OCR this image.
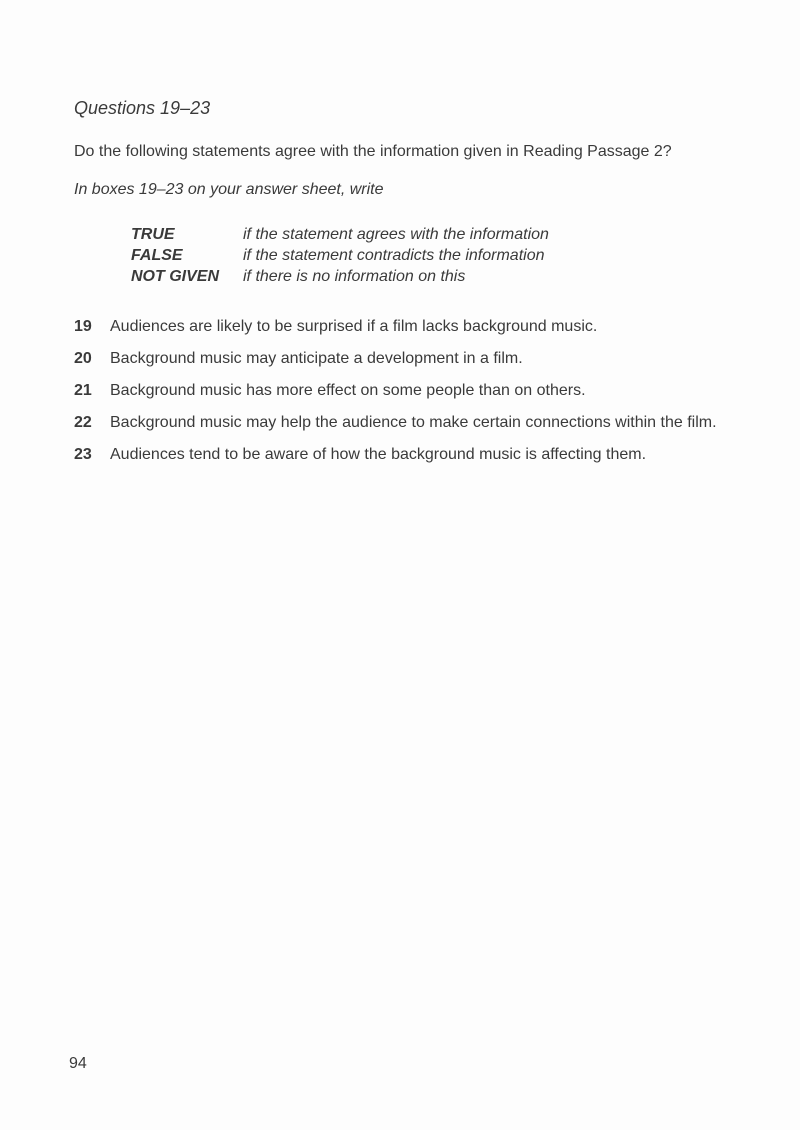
Questions 19–23
Do the following statements agree with the information given in Reading Passage 2?
In boxes 19–23 on your answer sheet, write
TRUE	if the statement agrees with the information
FALSE	if the statement contradicts the information
NOT GIVEN	if there is no information on this
19	Audiences are likely to be surprised if a film lacks background music.
20	Background music may anticipate a development in a film.
21	Background music has more effect on some people than on others.
22	Background music may help the audience to make certain connections within the film.
23	Audiences tend to be aware of how the background music is affecting them.
94
